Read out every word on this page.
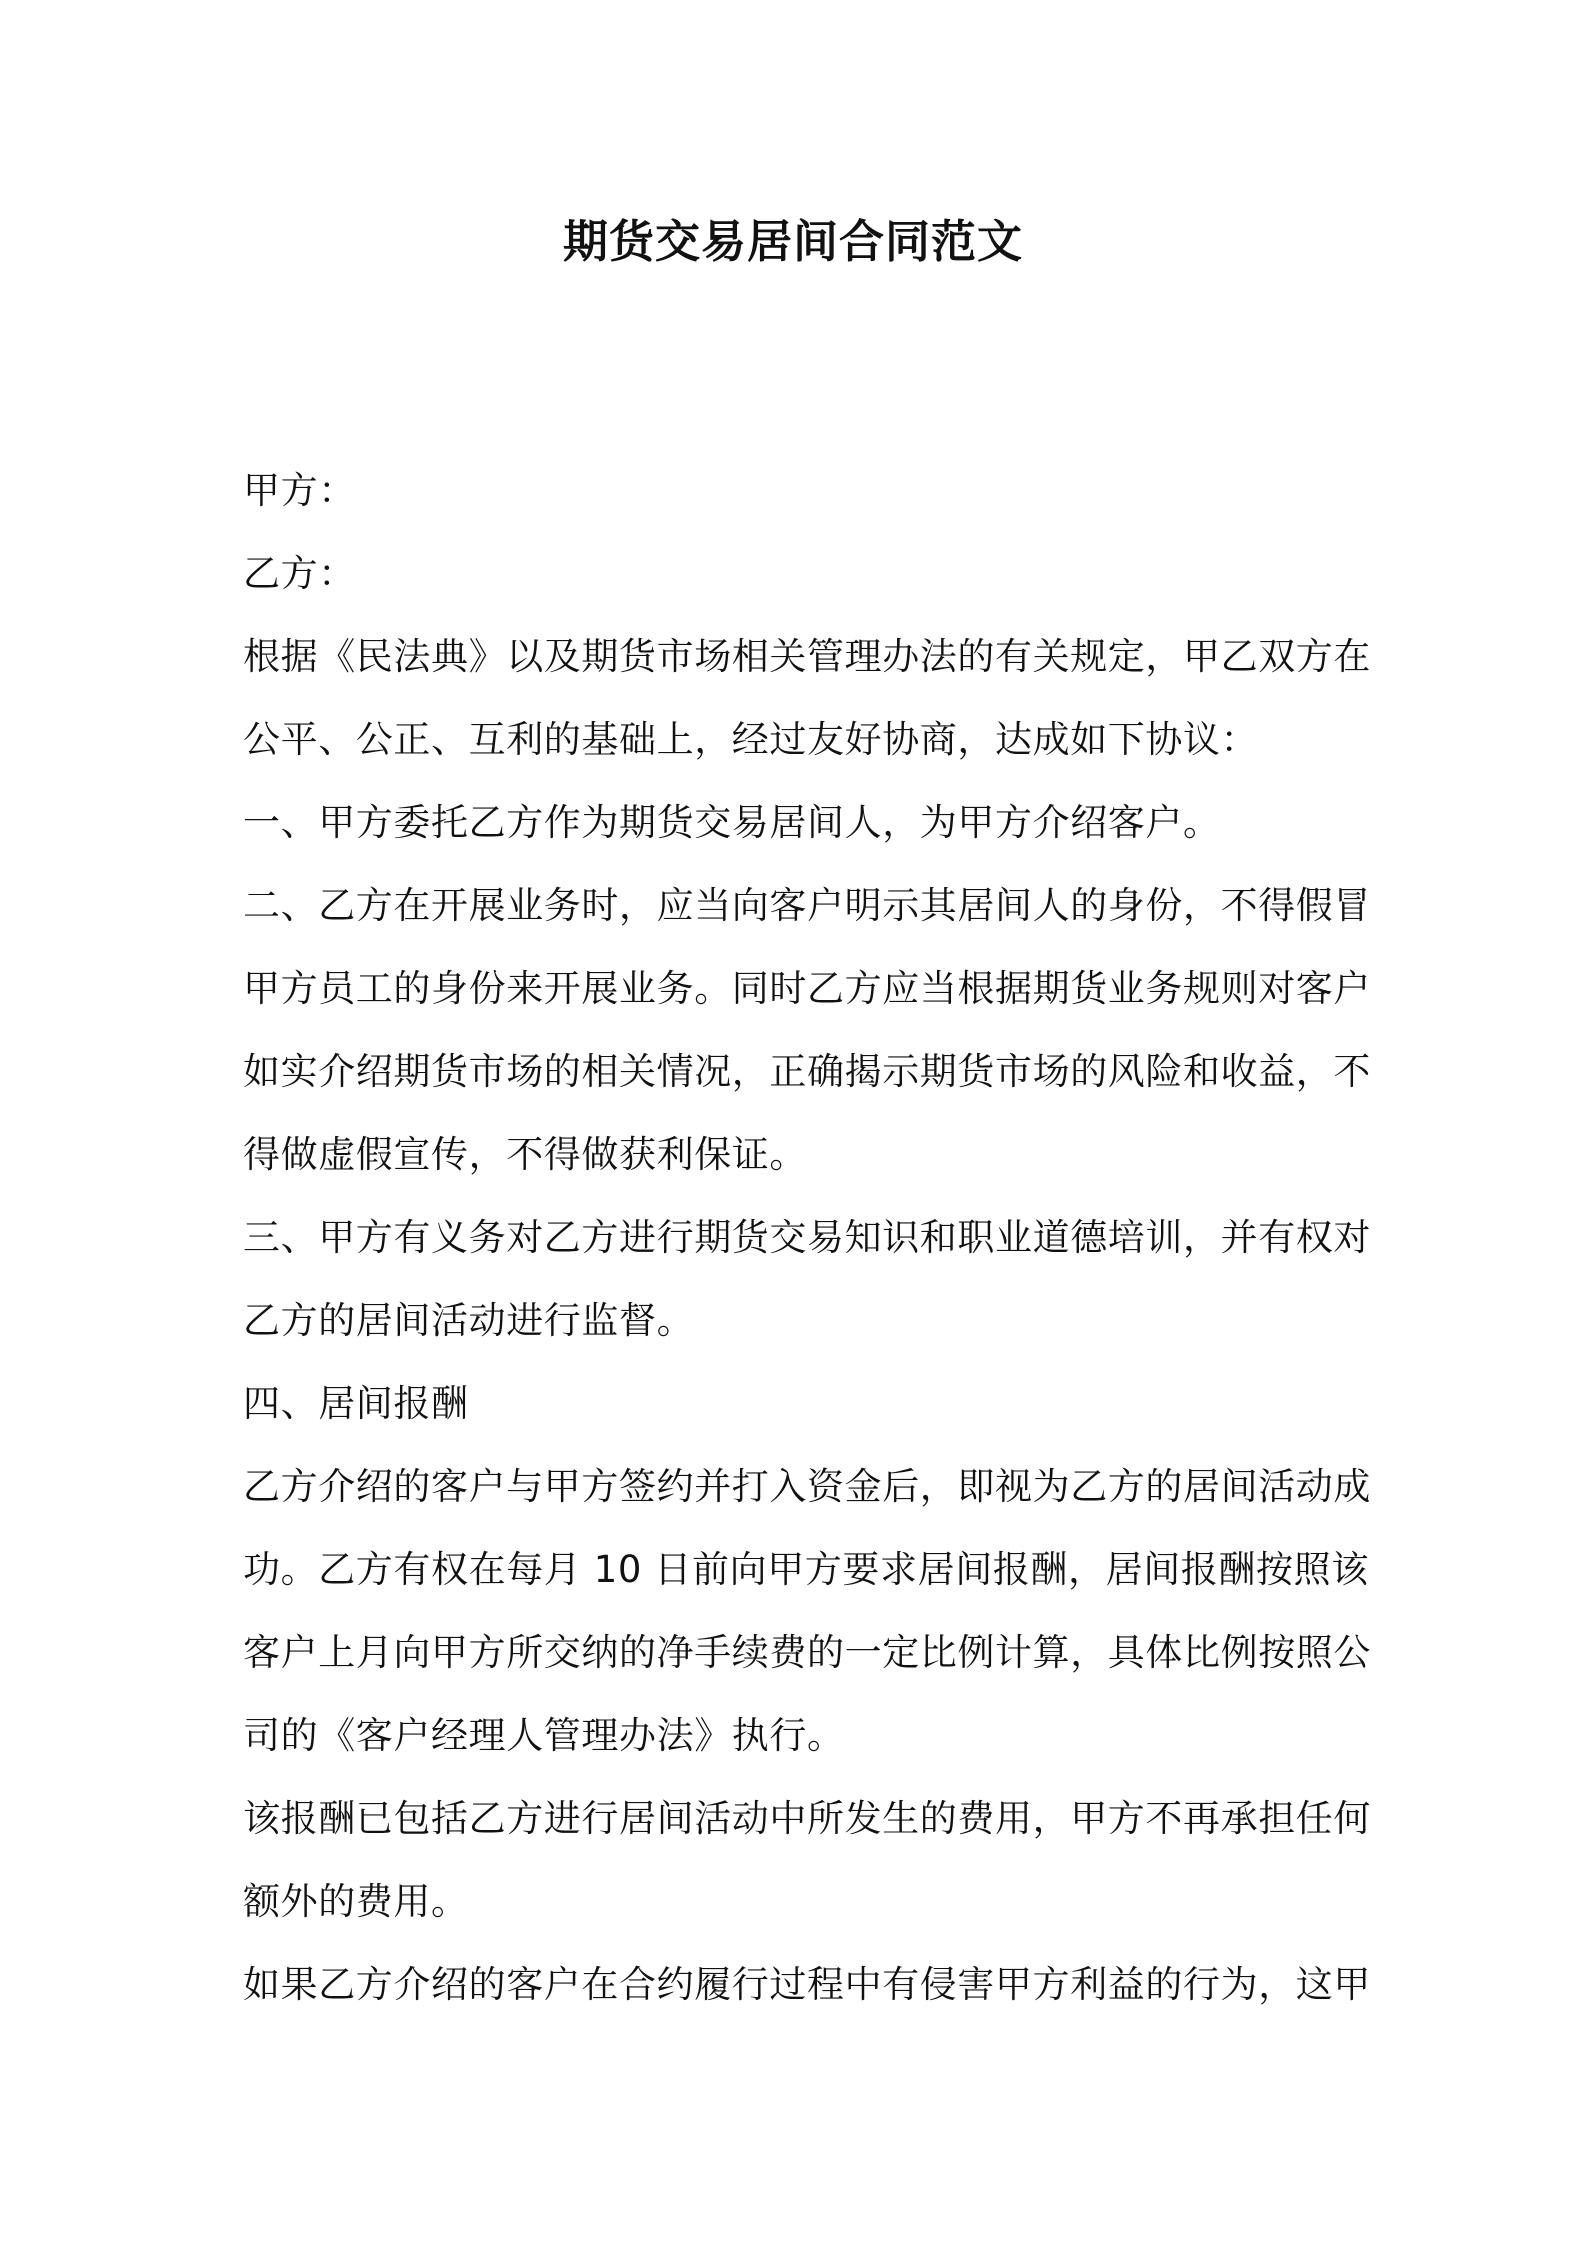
期货交易居间合同范文
甲方：
乙方：
根据《民法典》以及期货市场相关管理办法的有关规定，甲乙双方在
公平、公正、互利的基础上，经过友好协商，达成如下协议：
一、甲方委托乙方作为期货交易居间人，为甲方介绍客户。
二、乙方在开展业务时，应当向客户明示其居间人的身份，不得假冒
甲方员工的身份来开展业务。同时乙方应当根据期货业务规则对客户
如实介绍期货市场的相关情况，正确揭示期货市场的风险和收益，不
得做虚假宣传，不得做获利保证。
三、甲方有义务对乙方进行期货交易知识和职业道德培训，并有权对
乙方的居间活动进行监督。
四、居间报酬
乙方介绍的客户与甲方签约并打入资金后，即视为乙方的居间活动成
功。乙方有权在每月 10 日前向甲方要求居间报酬，居间报酬按照该
客户上月向甲方所交纳的净手续费的一定比例计算，具体比例按照公
司的《客户经理人管理办法》执行。
该报酬已包括乙方进行居间活动中所发生的费用，甲方不再承担任何
额外的费用。
如果乙方介绍的客户在合约履行过程中有侵害甲方利益的行为，这甲
